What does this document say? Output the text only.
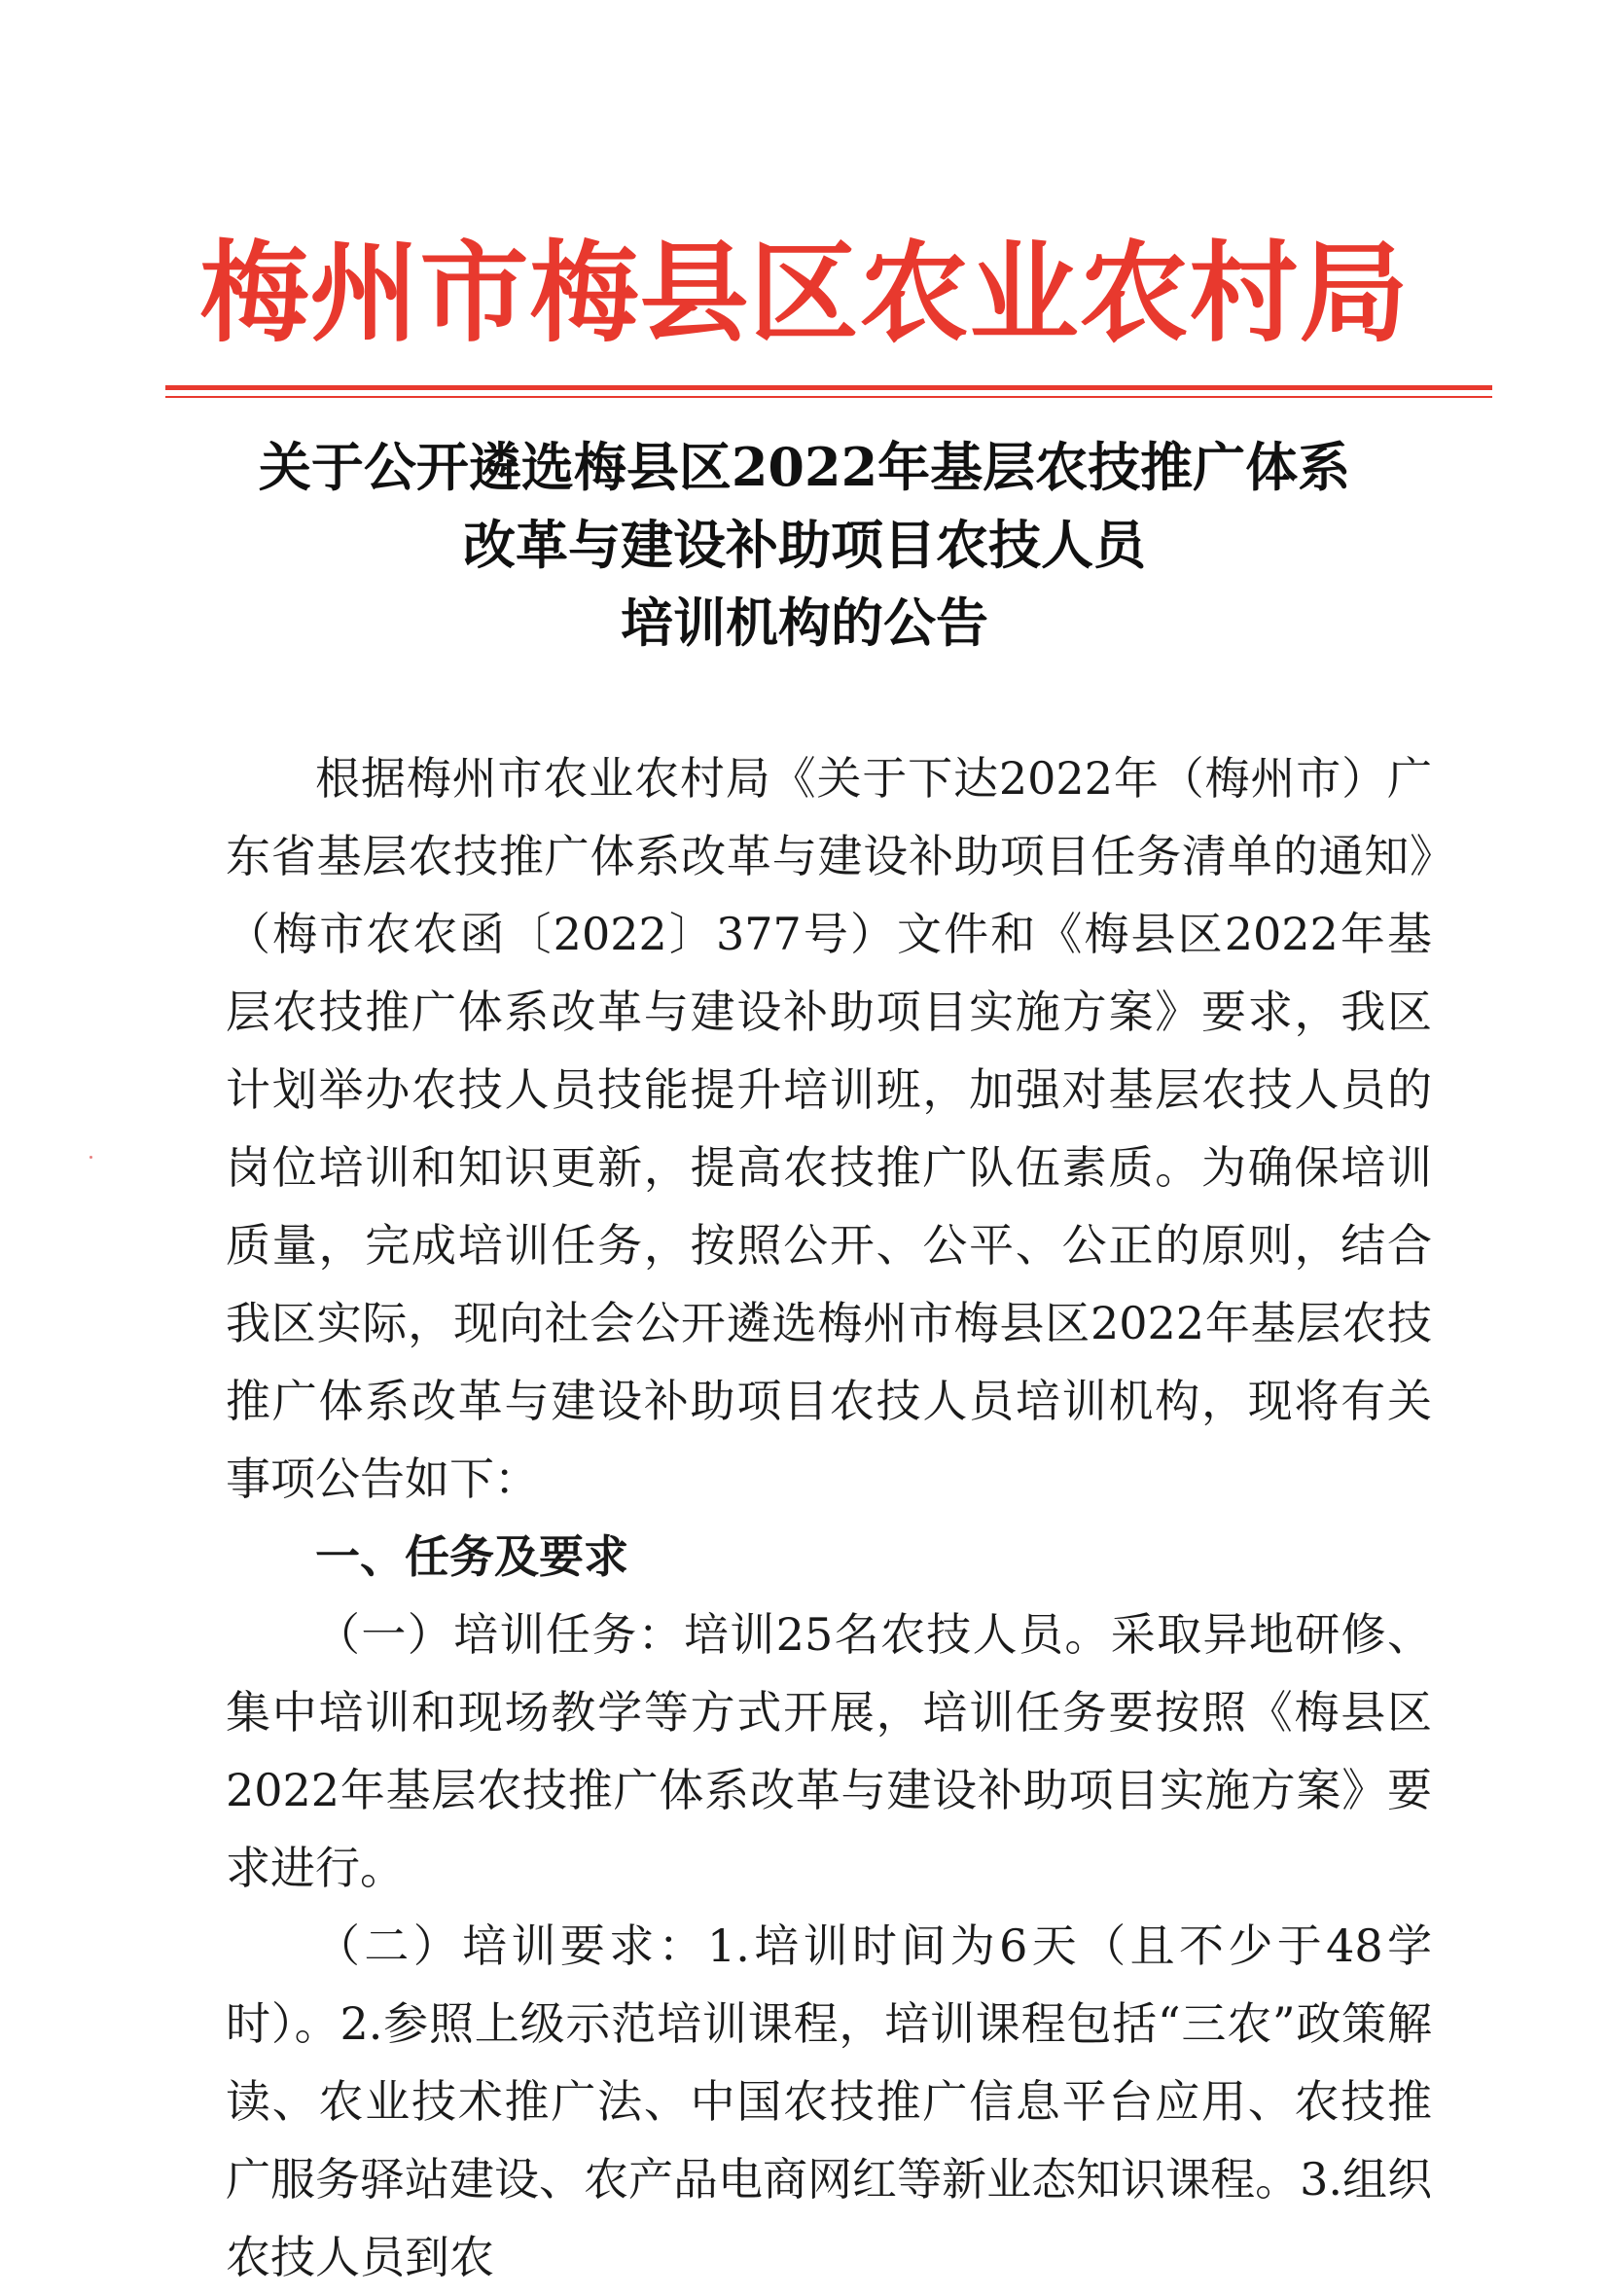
梅州市梅县区农业农村局
关于公开遴选梅县区2022年基层农技推广体系
改革与建设补助项目农技人员
培训机构的公告

根据梅州市农业农村局《关于下达2022年（梅州市）广东省基层农技推广体系改革与建设补助项目任务清单的通知》（梅市农农函〔2022〕377号）文件和《梅县区2022年基层农技推广体系改革与建设补助项目实施方案》要求，我区计划举办农技人员技能提升培训班，加强对基层农技人员的岗位培训和知识更新，提高农技推广队伍素质。为确保培训质量，完成培训任务，按照公开、公平、公正的原则，结合我区实际，现向社会公开遴选梅州市梅县区2022年基层农技推广体系改革与建设补助项目农技人员培训机构，现将有关事项公告如下：

一、任务及要求

（一）培训任务：培训25名农技人员。采取异地研修、集中培训和现场教学等方式开展，培训任务要按照《梅县区2022年基层农技推广体系改革与建设补助项目实施方案》要求进行。

（二）培训要求：1.培训时间为6天（且不少于48学时）。2.参照上级示范培训课程，培训课程包括“三农”政策解读、农业技术推广法、中国农技推广信息平台应用、农技推广服务驿站建设、农产品电商网红等新业态知识课程。3.组织农技人员到农
